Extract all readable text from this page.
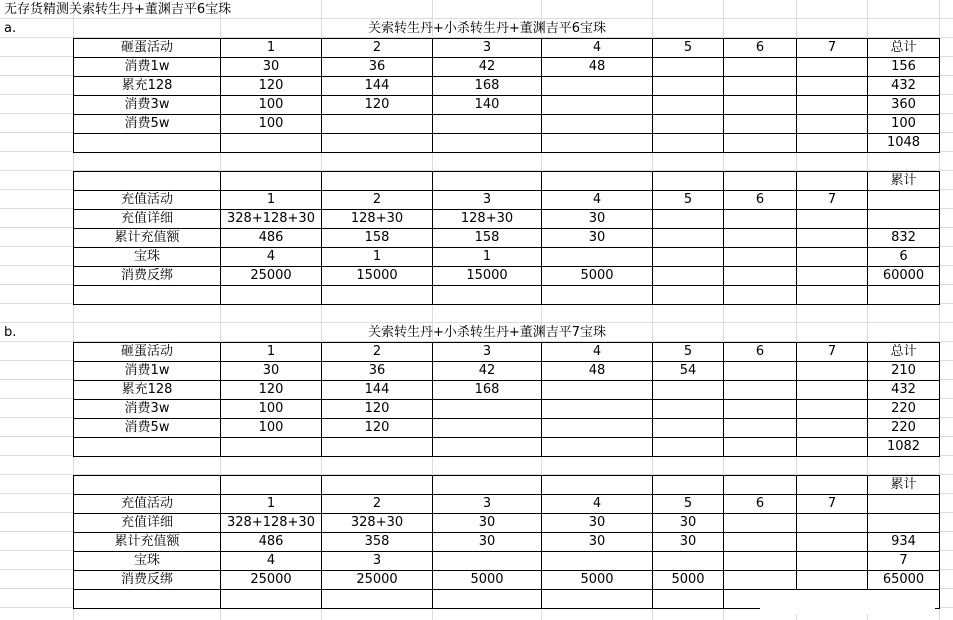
无存货精测关索转生丹+董渊吉平6宝珠
a.	关索转生丹+小杀转生丹+董渊吉平6宝珠
砸蛋活动	1	2	3	4	5	6	7	总计
消费1w	30	36	42	48				156
累充128	120	144	168					432
消费3w	100	120	140					360
消费5w	100							100
								1048
								累计
充值活动	1	2	3	4	5	6	7	
充值详细	328+128+30	128+30	128+30	30				
累计充值额	486	158	158	30				832
宝珠	4	1	1					6
消费反绑	25000	15000	15000	5000				60000

b.	关索转生丹+小杀转生丹+董渊吉平7宝珠
砸蛋活动	1	2	3	4	5	6	7	总计
消费1w	30	36	42	48	54			210
累充128	120	144	168					432
消费3w	100	120						220
消费5w	100	120						220
								1082
								累计
充值活动	1	2	3	4	5	6	7	
充值详细	328+128+30	328+30	30	30	30			
累计充值额	486	358	30	30	30			934
宝珠	4	3						7
消费反绑	25000	25000	5000	5000	5000			65000
